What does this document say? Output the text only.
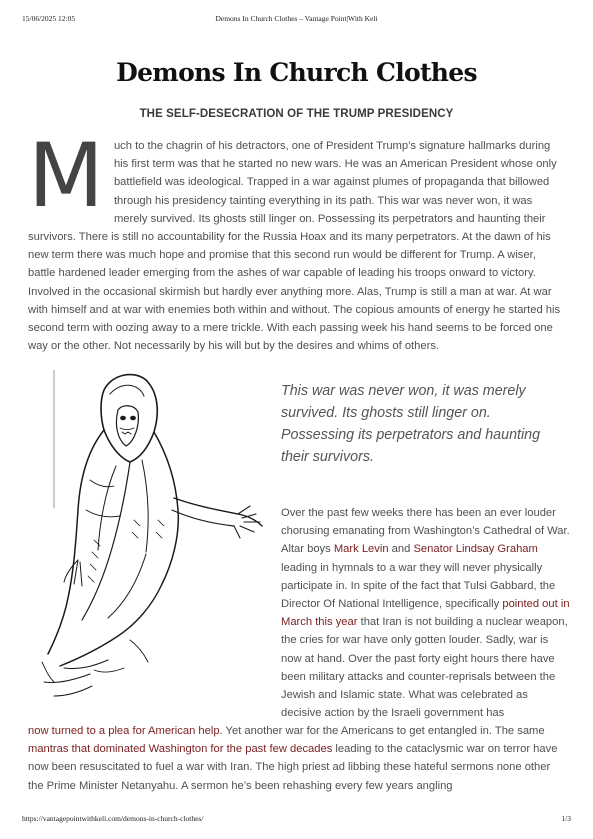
15/06/2025 12:05	Demons In Church Clothes – Vantage Point|With Keli
Demons In Church Clothes
THE SELF-DESECRATION OF THE TRUMP PRESIDENCY

Much to the chagrin of his detractors, one of President Trump’s signature hallmarks during his first term was that he started no new wars. He was an American President whose only battlefield was ideological. Trapped in a war against plumes of propaganda that billowed through his presidency tainting everything in its path. This war was never won, it was merely survived. Its ghosts still linger on. Possessing its perpetrators and haunting their survivors. There is still no accountability for the Russia Hoax and its many perpetrators. At the dawn of his new term there was much hope and promise that this second run would be different for Trump. A wiser, battle hardened leader emerging from the ashes of war capable of leading his troops onward to victory. Involved in the occasional skirmish but hardly ever anything more. Alas, Trump is still a man at war. At war with himself and at war with enemies both within and without. The copious amounts of energy he started his second term with oozing away to a mere trickle. With each passing week his hand seems to be forced one way or the other. Not necessarily by his will but by the desires and whims of others.

This war was never won, it was merely survived. Its ghosts still linger on. Possessing its perpetrators and haunting their survivors.

Over the past few weeks there has been an ever louder chorusing emanating from Washington’s Cathedral of War. Altar boys Mark Levin and Senator Lindsay Graham leading in hymnals to a war they will never physically participate in. In spite of the fact that Tulsi Gabbard, the Director Of National Intelligence, specifically pointed out in March this year that Iran is not building a nuclear weapon, the cries for war have only gotten louder. Sadly, war is now at hand. Over the past forty eight hours there have been military attacks and counter-reprisals between the Jewish and Islamic state. What was celebrated as decisive action by the Israeli government has

now turned to a plea for American help. Yet another war for the Americans to get entangled in. The same mantras that dominated Washington for the past few decades leading to the cataclysmic war on terror have now been resuscitated to fuel a war with Iran. The high priest ad libbing these hateful sermons none other the Prime Minister Netanyahu. A sermon he’s been rehashing every few years angling

https://vantagepointwithkeli.com/demons-in-church-clothes/	1/3
